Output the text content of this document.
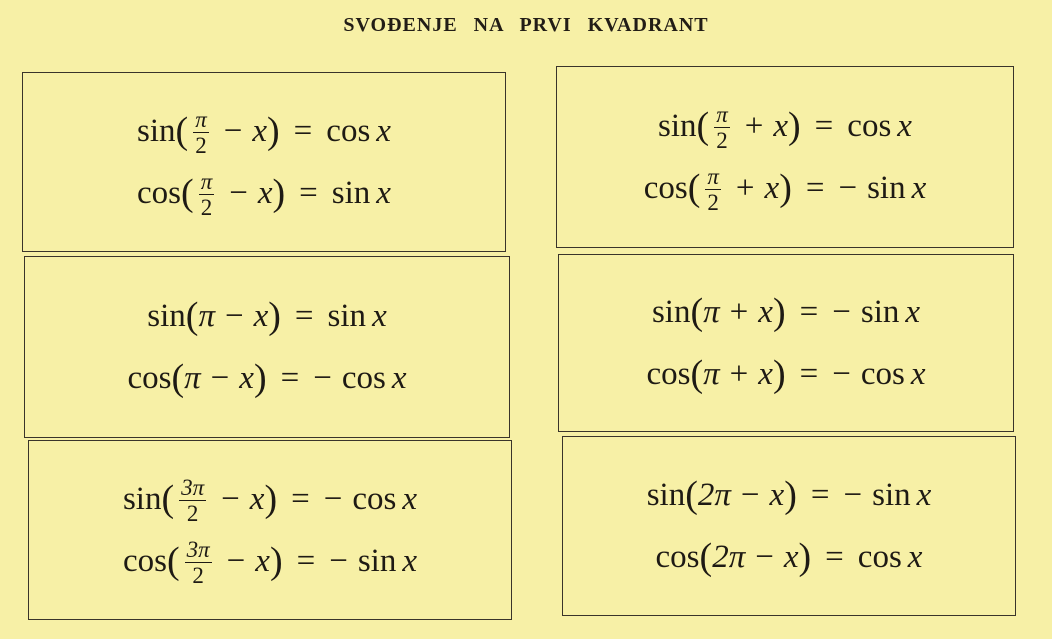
SVOĐENJE NA PRVI KVADRANT
sin ( $\frac{\pi}{2} - x$ ) = cos x
cos ( $\frac{\pi}{2} - x$ ) = sin x
sin ( $\frac{\pi}{2} + x$ ) = cos x
cos ( $\frac{\pi}{2} + x$ ) = − sin x
sin ( π − x ) = sin x
cos ( π − x ) = − cos x
sin ( π + x ) = − sin x
cos ( π + x ) = − cos x
sin ( $\frac{3\pi}{2} - x$ ) = − cos x
cos ( $\frac{3\pi}{2} - x$ ) = − sin x
sin ( 2π − x ) = − sin x
cos ( 2π − x ) = cos x
